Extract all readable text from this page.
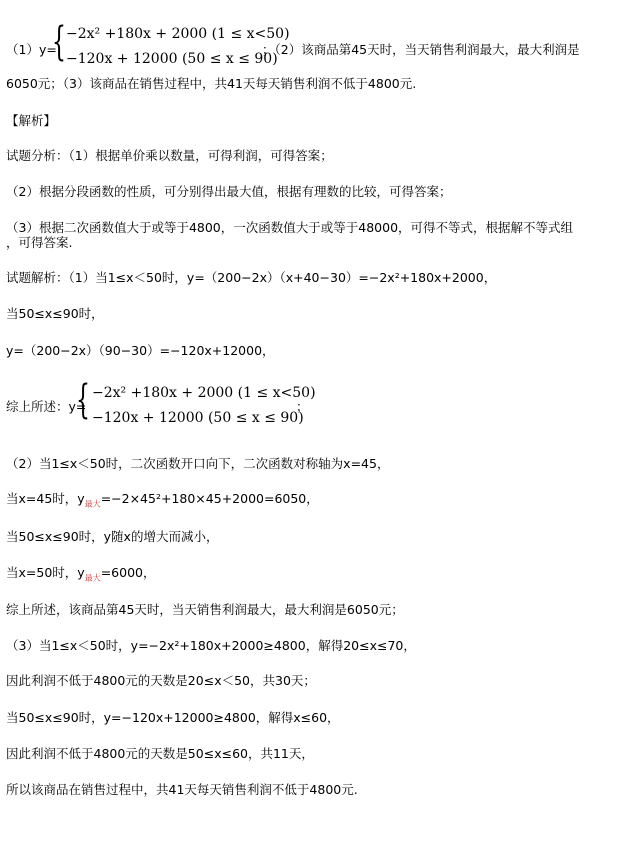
（1）y=
{ −2x² +180x + 2000 (1 ≤ x<50)
−120x + 12000 (50 ≤ x ≤ 90)
；（2）该商品第45天时，当天销售利润最大，最大利润是
6050元；（3）该商品在销售过程中，共41天每天销售利润不低于4800元.
【解析】
试题分析：（1）根据单价乘以数量，可得利润，可得答案；
（2）根据分段函数的性质，可分别得出最大值，根据有理数的比较，可得答案；
（3）根据二次函数值大于或等于4800，一次函数值大于或等于48000，可得不等式，根据解不等式组
，可得答案.
试题解析：（1）当1≤x＜50时，y=（200−2x）（x+40−30）=−2x²+180x+2000，
当50≤x≤90时，
y=（200−2x）（90−30）=−120x+12000，
综上所述：y=
{ −2x² +180x + 2000 (1 ≤ x<50)
−120x + 12000 (50 ≤ x ≤ 90)
；
（2）当1≤x＜50时，二次函数开口向下，二次函数对称轴为x=45，
当x=45时，$y_{最大}=-2\times 45^2+180\times 45+2000=6050$，
当50≤x≤90时，y随x的增大而减小，
当x=50时，$y_{最大}=6000$，
综上所述，该商品第45天时，当天销售利润最大，最大利润是6050元；
（3）当1≤x＜50时，y=−2x²+180x+2000≥4800，解得20≤x≤70，
因此利润不低于4800元的天数是20≤x＜50，共30天；
当50≤x≤90时，y=−120x+12000≥4800，解得x≤60，
因此利润不低于4800元的天数是50≤x≤60，共11天，
所以该商品在销售过程中，共41天每天销售利润不低于4800元.
